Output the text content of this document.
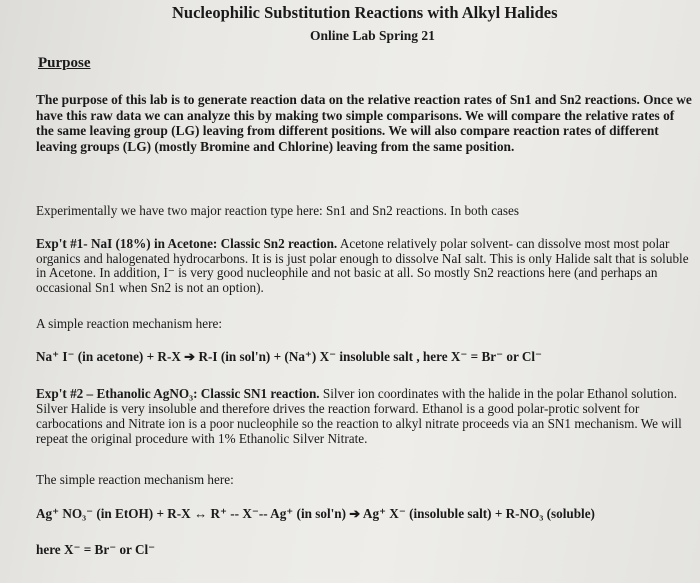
Nucleophilic Substitution Reactions with Alkyl Halides
Online Lab Spring 21
Purpose

The purpose of this lab is to generate reaction data on the relative reaction rates of Sn1 and Sn2 reactions. Once we have this raw data we can analyze this by making two simple comparisons. We will compare the relative rates of the same leaving group (LG) leaving from different positions. We will also compare reaction rates of different leaving groups (LG) (mostly Bromine and Chlorine) leaving from the same position.

Experimentally we have two major reaction type here: Sn1 and Sn2 reactions. In both cases

Exp't #1- NaI (18%) in Acetone: Classic Sn2 reaction. Acetone relatively polar solvent- can dissolve most most polar organics and halogenated hydrocarbons. It is is just polar enough to dissolve NaI salt. This is only Halide salt that is soluble in Acetone. In addition, I⁻ is very good nucleophile and not basic at all. So mostly Sn2 reactions here (and perhaps an occasional Sn1 when Sn2 is not an option).

A simple reaction mechanism here:

Na⁺ I⁻ (in acetone) + R-X ➔ R-I (in sol'n) + (Na⁺) X⁻ insoluble salt , here X⁻ = Br⁻ or Cl⁻

Exp't #2 – Ethanolic AgNO₃: Classic SN1 reaction. Silver ion coordinates with the halide in the polar Ethanol solution. Silver Halide is very insoluble and therefore drives the reaction forward. Ethanol is a good polar-protic solvent for carbocations and Nitrate ion is a poor nucleophile so the reaction to alkyl nitrate proceeds via an SN1 mechanism. We will repeat the original procedure with 1% Ethanolic Silver Nitrate.

The simple reaction mechanism here:

Ag⁺ NO₃⁻ (in EtOH) + R-X ↔ R⁺ -- X⁻-- Ag⁺ (in sol'n) ➔ Ag⁺ X⁻ (insoluble salt) + R-NO₃ (soluble)

here X⁻ = Br⁻ or Cl⁻
